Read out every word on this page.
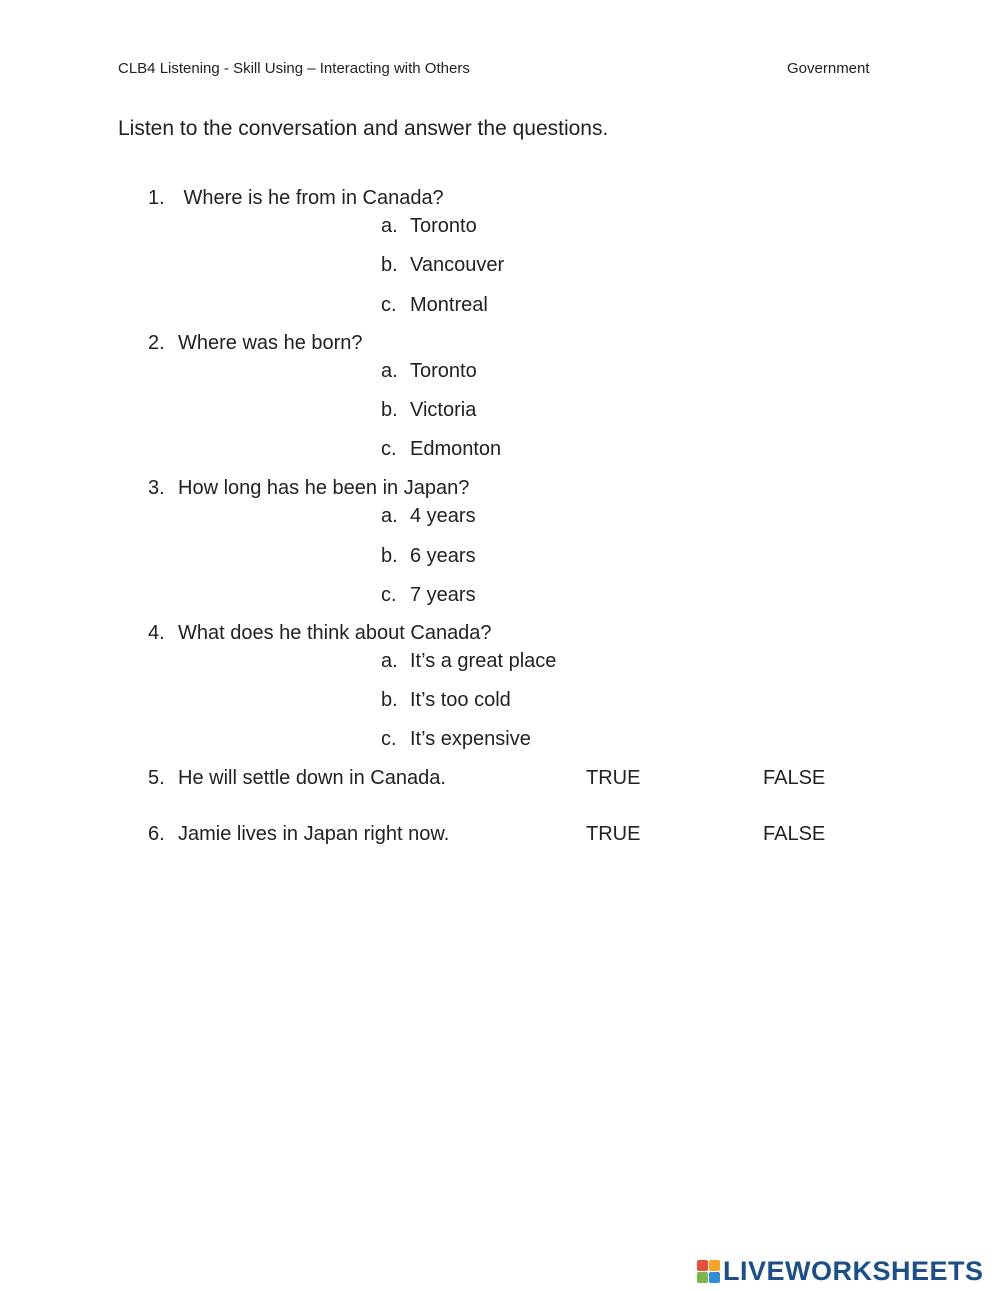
CLB4 Listening - Skill Using – Interacting with Others	Government
Listen to the conversation and answer the questions.
1. Where is he from in Canada?
a. Toronto
b. Vancouver
c. Montreal
2. Where was he born?
a. Toronto
b. Victoria
c. Edmonton
3. How long has he been in Japan?
a. 4 years
b. 6 years
c. 7 years
4. What does he think about Canada?
a. It’s a great place
b. It’s too cold
c. It’s expensive
5. He will settle down in Canada.	TRUE	FALSE
6. Jamie lives in Japan right now.	TRUE	FALSE
LIVEWORKSHEETS
